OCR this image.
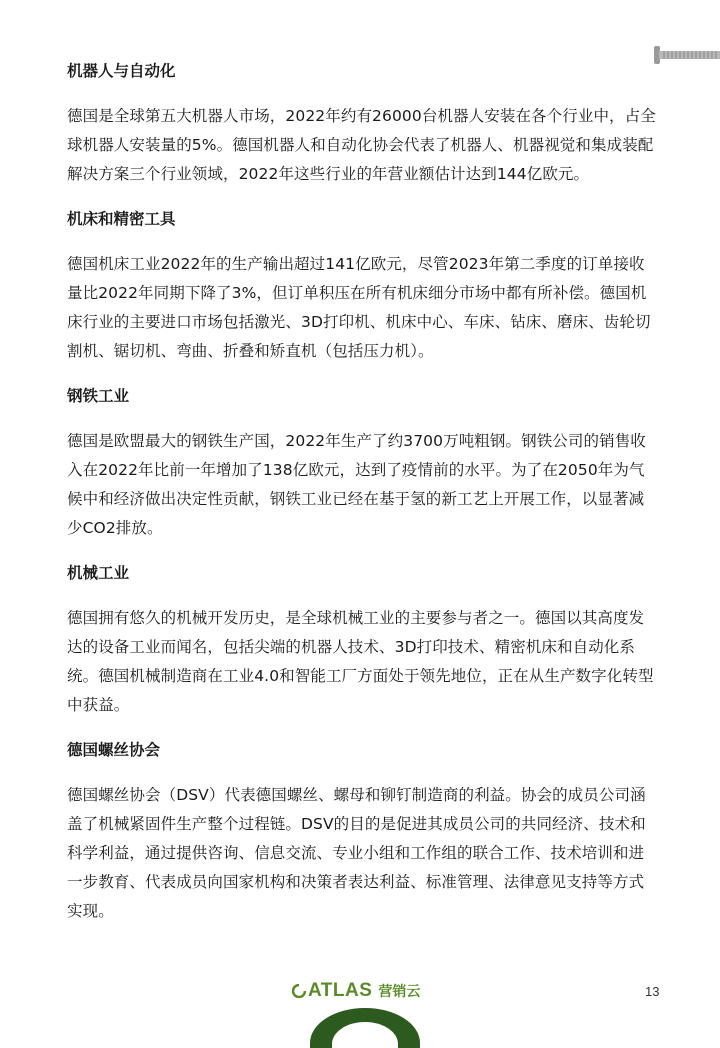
机器人与自动化

德国是全球第五大机器人市场，2022年约有26000台机器人安装在各个行业中，占全球机器人安装量的5%。德国机器人和自动化协会代表了机器人、机器视觉和集成装配解决方案三个行业领域，2022年这些行业的年营业额估计达到144亿欧元。

机床和精密工具

德国机床工业2022年的生产输出超过141亿欧元，尽管2023年第二季度的订单接收量比2022年同期下降了3%，但订单积压在所有机床细分市场中都有所补偿。德国机床行业的主要进口市场包括激光、3D打印机、机床中心、车床、钻床、磨床、齿轮切割机、锯切机、弯曲、折叠和矫直机（包括压力机）。

钢铁工业

德国是欧盟最大的钢铁生产国，2022年生产了约3700万吨粗钢。钢铁公司的销售收入在2022年比前一年增加了138亿欧元，达到了疫情前的水平。为了在2050年为气候中和经济做出决定性贡献，钢铁工业已经在基于氢的新工艺上开展工作，以显著减少CO2排放。

机械工业

德国拥有悠久的机械开发历史，是全球机械工业的主要参与者之一。德国以其高度发达的设备工业而闻名，包括尖端的机器人技术、3D打印技术、精密机床和自动化系统。德国机械制造商在工业4.0和智能工厂方面处于领先地位，正在从生产数字化转型中获益。

德国螺丝协会

德国螺丝协会（DSV）代表德国螺丝、螺母和铆钉制造商的利益。协会的成员公司涵盖了机械紧固件生产整个过程链。DSV的目的是促进其成员公司的共同经济、技术和科学利益，通过提供咨询、信息交流、专业小组和工作组的联合工作、技术培训和进一步教育、代表成员向国家机构和决策者表达利益、标准管理、法律意见支持等方式实现。

ATLAS 营销云	13
